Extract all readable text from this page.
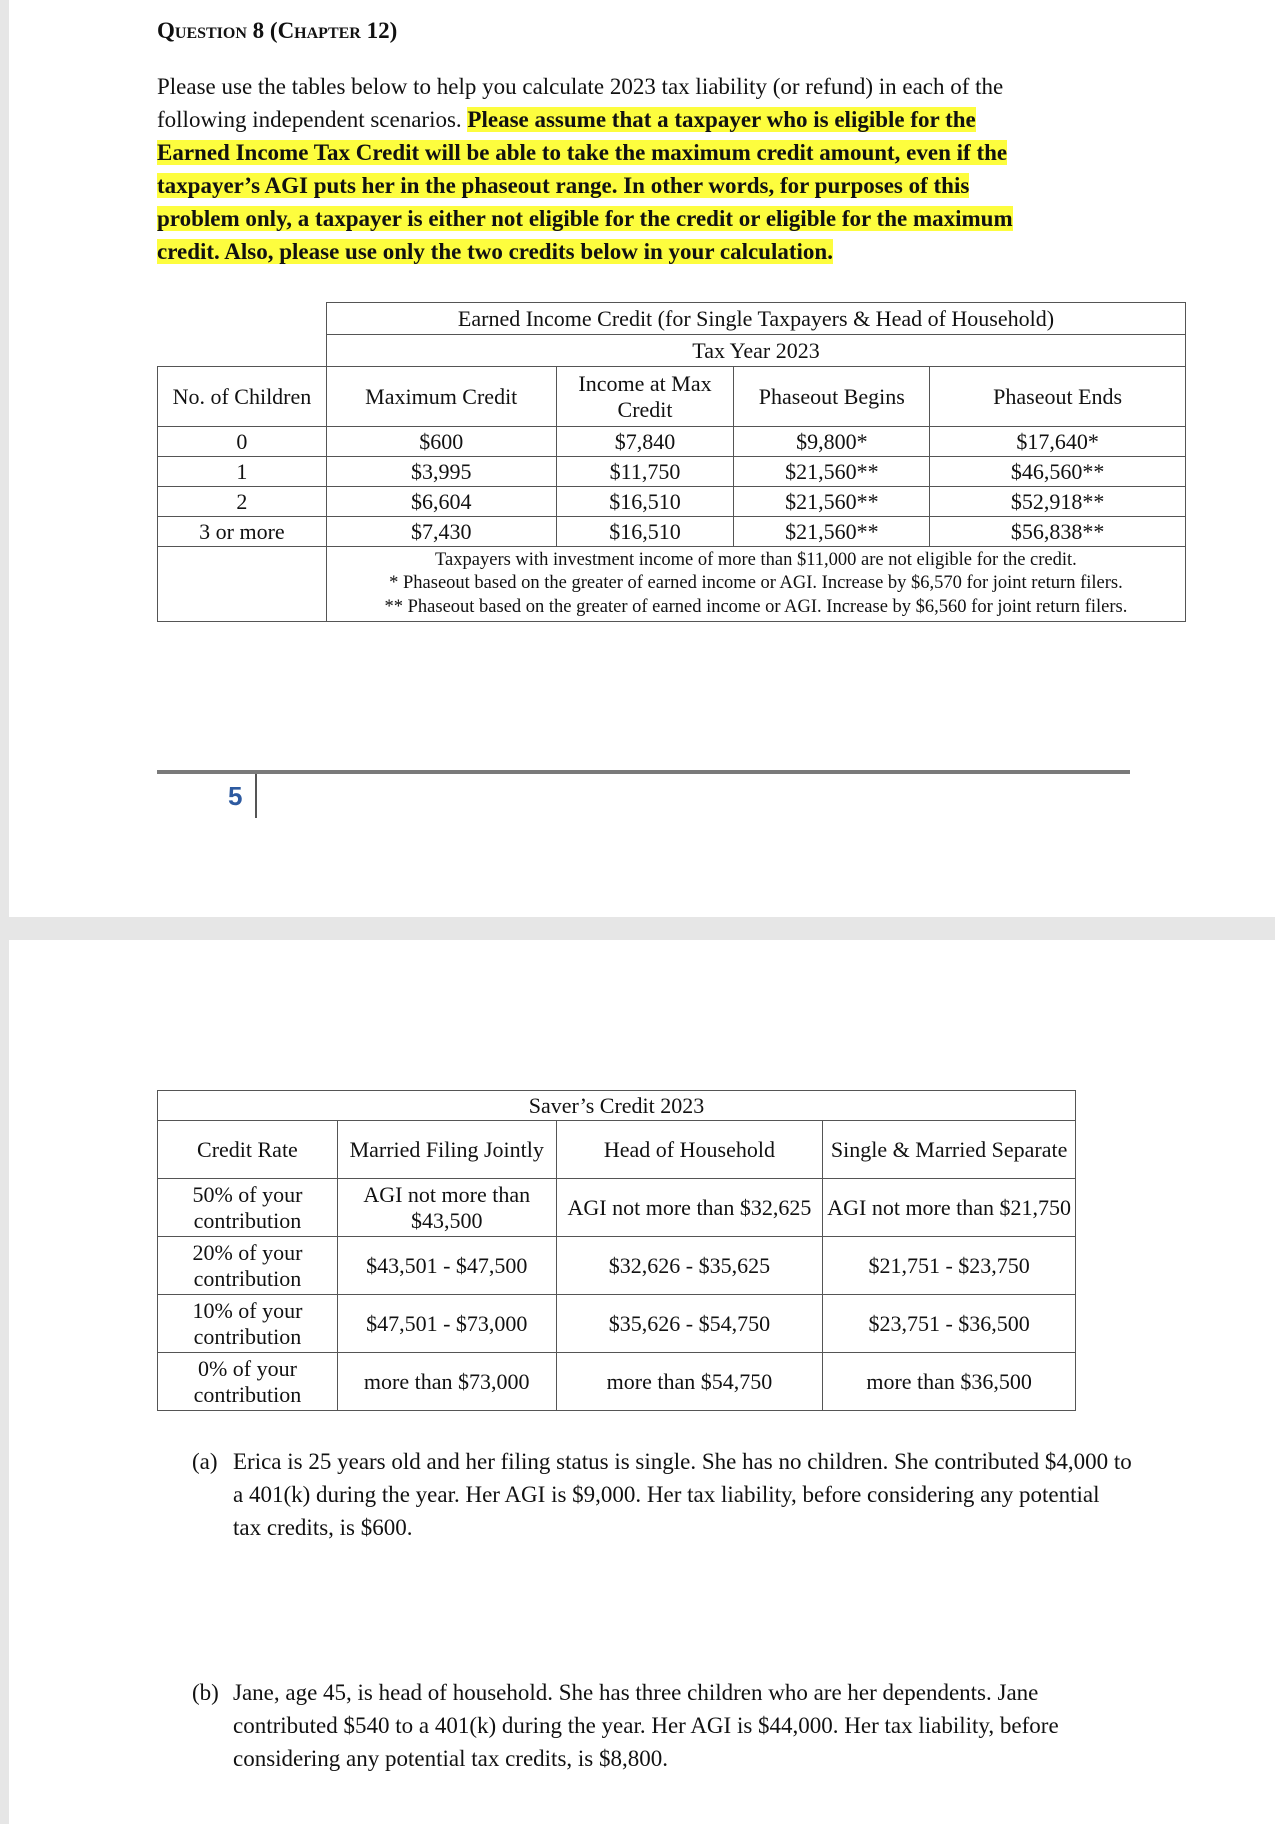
Question 8 (Chapter 12)
Please use the tables below to help you calculate 2023 tax liability (or refund) in each of the
following independent scenarios. Please assume that a taxpayer who is eligible for the
Earned Income Tax Credit will be able to take the maximum credit amount, even if the
taxpayer’s AGI puts her in the phaseout range. In other words, for purposes of this
problem only, a taxpayer is either not eligible for the credit or eligible for the maximum
credit. Also, please use only the two credits below in your calculation.
Earned Income Credit (for Single Taxpayers & Head of Household)
Tax Year 2023
No. of Children	Maximum Credit	Income at Max Credit	Phaseout Begins	Phaseout Ends
0	$600	$7,840	$9,800*	$17,640*
1	$3,995	$11,750	$21,560**	$46,560**
2	$6,604	$16,510	$21,560**	$52,918**
3 or more	$7,430	$16,510	$21,560**	$56,838**

	Taxpayers with investment income of more than $11,000 are not eligible for the credit.
* Phaseout based on the greater of earned income or AGI. Increase by $6,570 for joint return filers.
** Phaseout based on the greater of earned income or AGI. Increase by $6,560 for joint return filers.			
5
Saver’s Credit 2023			
Credit Rate	Married Filing Jointly	Head of Household	Single & Married Separate
50% of your contribution	AGI not more than $43,500	AGI not more than $32,625	AGI not more than $21,750
20% of your contribution	$43,501 - $47,500	$32,626 - $35,625	$21,751 - $23,750
10% of your contribution	$47,501 - $73,000	$35,626 - $54,750	$23,751 - $36,500
0% of your contribution	more than $73,000	more than $54,750	more than $36,500
(a) Erica is 25 years old and her filing status is single. She has no children. She contributed $4,000 to a 401(k) during the year. Her AGI is $9,000. Her tax liability, before considering any potential tax credits, is $600.
(b) Jane, age 45, is head of household. She has three children who are her dependents. Jane contributed $540 to a 401(k) during the year. Her AGI is $44,000. Her tax liability, before considering any potential tax credits, is $8,800.
